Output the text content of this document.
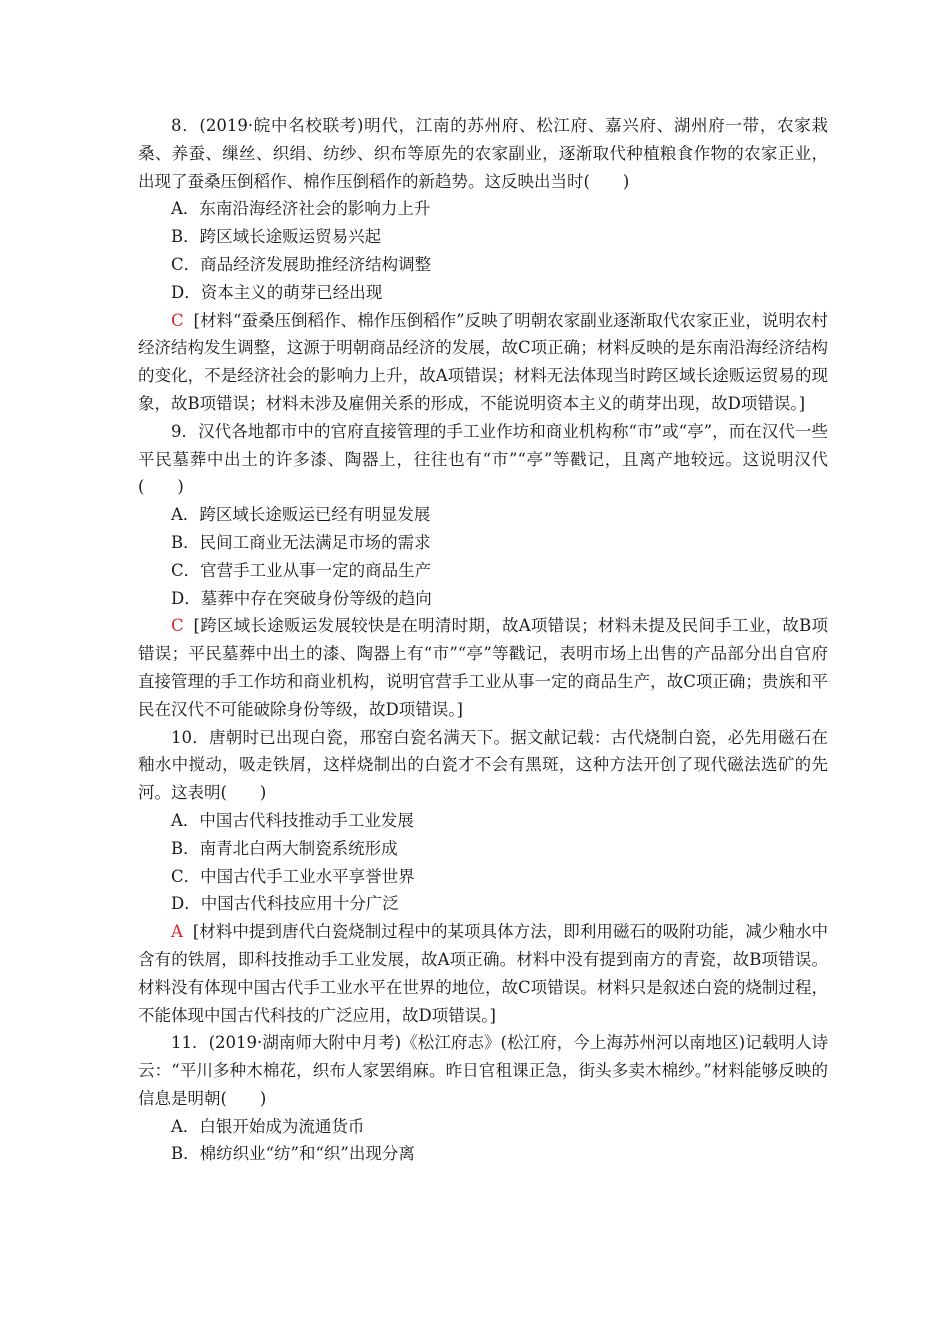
8．(2019·皖中名校联考)明代，江南的苏州府、松江府、嘉兴府、湖州府一带，农家栽桑、养蚕、缫丝、织绢、纺纱、织布等原先的农家副业，逐渐取代种植粮食作物的农家正业，出现了蚕桑压倒稻作、棉作压倒稻作的新趋势。这反映出当时(　　)

A．东南沿海经济社会的影响力上升

B．跨区域长途贩运贸易兴起

C．商品经济发展助推经济结构调整

D．资本主义的萌芽已经出现

C [材料“蚕桑压倒稻作、棉作压倒稻作”反映了明朝农家副业逐渐取代农家正业，说明农村经济结构发生调整，这源于明朝商品经济的发展，故C项正确；材料反映的是东南沿海经济结构的变化，不是经济社会的影响力上升，故A项错误；材料无法体现当时跨区域长途贩运贸易的现象，故B项错误；材料未涉及雇佣关系的形成，不能说明资本主义的萌芽出现，故D项错误。]

9．汉代各地都市中的官府直接管理的手工业作坊和商业机构称“市”或“亭”，而在汉代一些平民墓葬中出土的许多漆、陶器上，往往也有“市”“亭”等戳记，且离产地较远。这说明汉代(　　)

A．跨区域长途贩运已经有明显发展

B．民间工商业无法满足市场的需求

C．官营手工业从事一定的商品生产

D．墓葬中存在突破身份等级的趋向

C [跨区域长途贩运发展较快是在明清时期，故A项错误；材料未提及民间手工业，故B项错误；平民墓葬中出土的漆、陶器上有“市”“亭”等戳记，表明市场上出售的产品部分出自官府直接管理的手工作坊和商业机构，说明官营手工业从事一定的商品生产，故C项正确；贵族和平民在汉代不可能破除身份等级，故D项错误。]

10．唐朝时已出现白瓷，邢窑白瓷名满天下。据文献记载：古代烧制白瓷，必先用磁石在釉水中搅动，吸走铁屑，这样烧制出的白瓷才不会有黑斑，这种方法开创了现代磁法选矿的先河。这表明(　　)

A．中国古代科技推动手工业发展

B．南青北白两大制瓷系统形成

C．中国古代手工业水平享誉世界

D．中国古代科技应用十分广泛

A [材料中提到唐代白瓷烧制过程中的某项具体方法，即利用磁石的吸附功能，减少釉水中含有的铁屑，即科技推动手工业发展，故A项正确。材料中没有提到南方的青瓷，故B项错误。材料没有体现中国古代手工业水平在世界的地位，故C项错误。材料只是叙述白瓷的烧制过程，不能体现中国古代科技的广泛应用，故D项错误。]

11．(2019·湖南师大附中月考)《松江府志》(松江府，今上海苏州河以南地区)记载明人诗云：“平川多种木棉花，织布人家罢绢麻。昨日官租课正急，街头多卖木棉纱。”材料能够反映的信息是明朝(　　)

A．白银开始成为流通货币

B．棉纺织业“纺”和“织”出现分离
